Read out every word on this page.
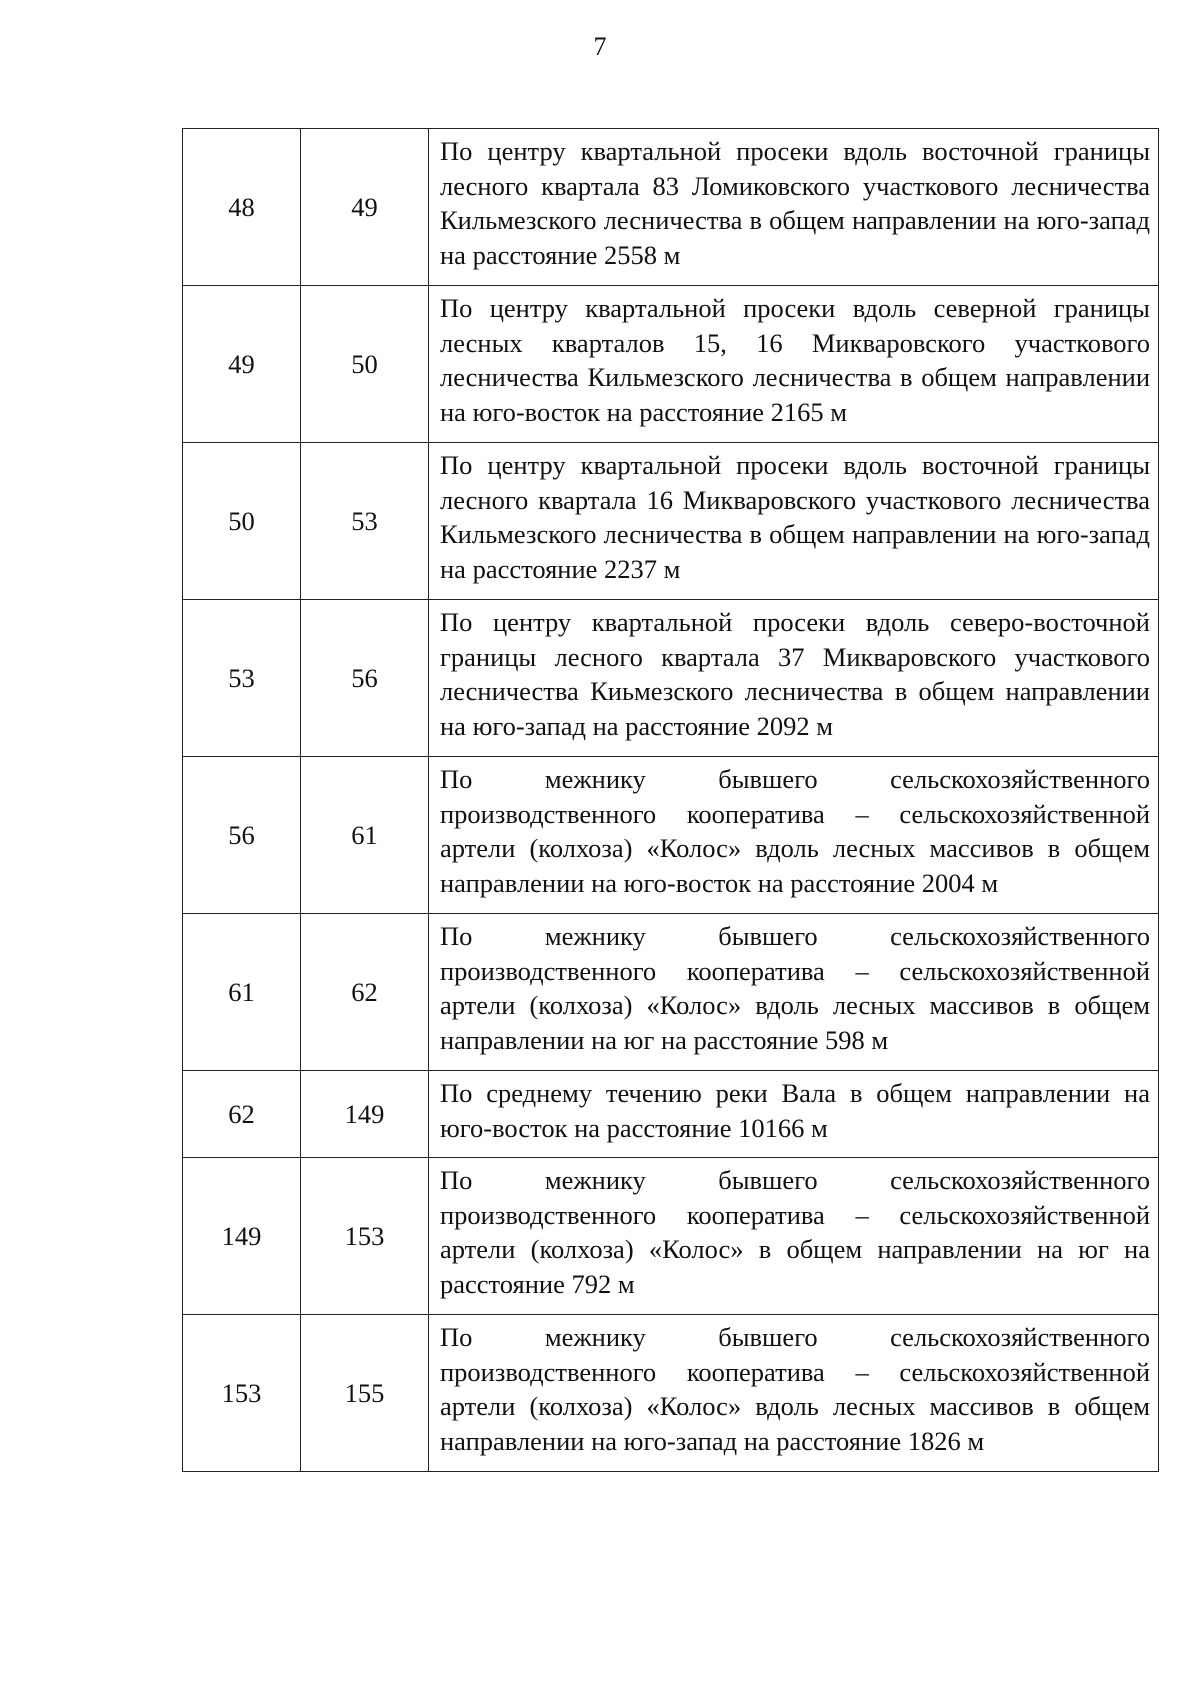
7
48	49	По центру квартальной просеки вдоль восточной границы лесного квартала 83 Ломиковского участкового лесничества Кильмезского лесничества в общем направлении на юго-запад на расстояние 2558 м
49	50	По центру квартальной просеки вдоль северной границы лесных кварталов 15, 16 Микваровского участкового лесничества Кильмезского лесничества в общем направлении на юго-восток на расстояние 2165 м
50	53	По центру квартальной просеки вдоль восточной границы лесного квартала 16 Микваровского участкового лесничества Кильмезского лесничества в общем направлении на юго-запад на расстояние 2237 м
53	56	По центру квартальной просеки вдоль северо-восточной границы лесного квартала 37 Микваровского участкового лесничества Киьмезского лесничества в общем направлении на юго-запад на расстояние 2092 м
56	61	По межнику бывшего сельскохозяйственного производственного кооператива – сельскохозяйственной артели (колхоза) «Колос» вдоль лесных массивов в общем направлении на юго-восток на расстояние 2004 м
61	62	По межнику бывшего сельскохозяйственного производственного кооператива – сельскохозяйственной артели (колхоза) «Колос» вдоль лесных массивов в общем направлении на юг на расстояние 598 м
62	149	По среднему течению реки Вала в общем направлении на юго-восток на расстояние 10166 м
149	153	По межнику бывшего сельскохозяйственного производственного кооператива – сельскохозяйственной артели (колхоза) «Колос» в общем направлении на юг на расстояние 792 м
153	155	По межнику бывшего сельскохозяйственного производственного кооператива – сельскохозяйственной артели (колхоза) «Колос» вдоль лесных массивов в общем направлении на юго-запад на расстояние 1826 м
